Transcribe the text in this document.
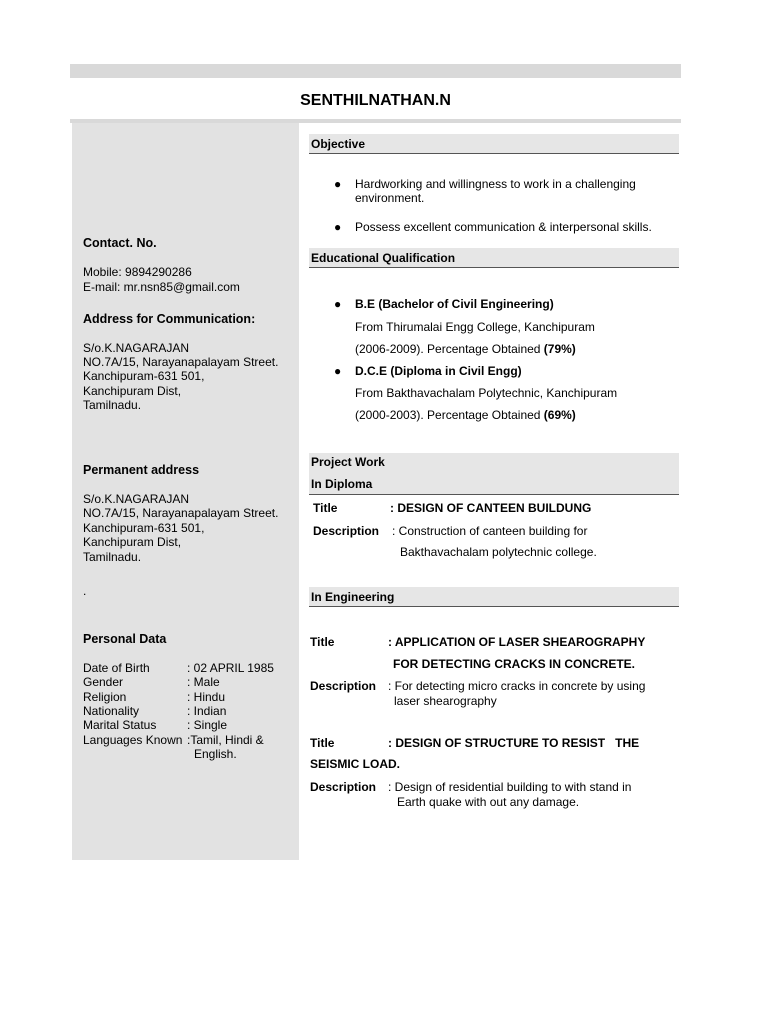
SENTHILNATHAN.N
Contact. No.
Mobile: 9894290286
E-mail: mr.nsn85@gmail.com
Address for Communication:
S/o.K.NAGARAJAN
NO.7A/15, Narayanapalayam Street.
Kanchipuram-631 501,
Kanchipuram Dist,
Tamilnadu.
Permanent address
S/o.K.NAGARAJAN
NO.7A/15, Narayanapalayam Street.
Kanchipuram-631 501,
Kanchipuram Dist,
Tamilnadu.
.
Personal Data
Date of Birth	: 02 APRIL 1985
Gender	: Male
Religion	: Hindu
Nationality	: Indian
Marital Status	: Single
Languages Known :Tamil, Hindi &
English.
Objective
● Hardworking and willingness to work in a challenging
environment.
● Possess excellent communication & interpersonal skills.
Educational Qualification
● B.E (Bachelor of Civil Engineering)
From Thirumalai Engg College, Kanchipuram
(2006-2009). Percentage Obtained (79%)
● D.C.E (Diploma in Civil Engg)
From Bakthavachalam Polytechnic, Kanchipuram
(2000-2003). Percentage Obtained (69%)
Project Work
In Diploma
Title	: DESIGN OF CANTEEN BUILDUNG
Description : Construction of canteen building for
Bakthavachalam polytechnic college.
In Engineering
Title	: APPLICATION OF LASER SHEAROGRAPHY
FOR DETECTING CRACKS IN CONCRETE.
Description : For detecting micro cracks in concrete by using
laser shearography
Title	: DESIGN OF STRUCTURE TO RESIST   THE
SEISMIC LOAD.
Description : Design of residential building to with stand in
Earth quake with out any damage.
